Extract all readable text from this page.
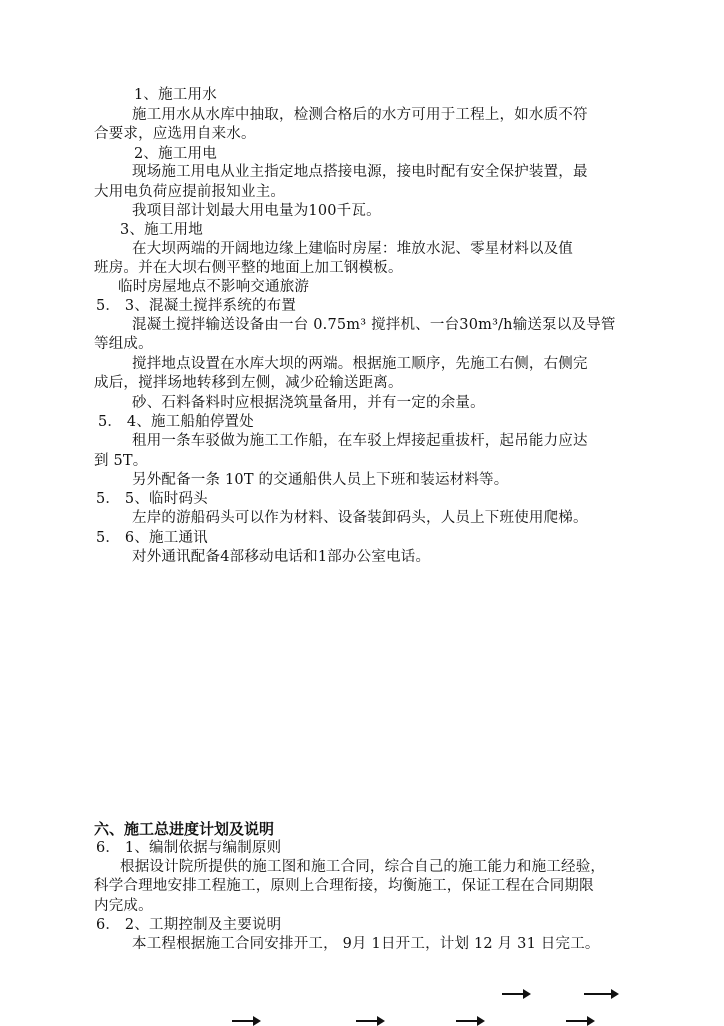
1、施工用水
施工用水从水库中抽取，检测合格后的水方可用于工程上，如水质不符
合要求，应选用自来水。
2、施工用电
现场施工用电从业主指定地点搭接电源，接电时配有安全保护装置，最
大用电负荷应提前报知业主。
我项目部计划最大用电量为100千瓦。
3、施工用地
在大坝两端的开阔地边缘上建临时房屋：堆放水泥、零星材料以及值
班房。并在大坝右侧平整的地面上加工钢模板。
临时房屋地点不影响交通旅游
5． 3、混凝土搅拌系统的布置
混凝土搅拌输送设备由一台 0.75m³ 搅拌机、一台30m³/h输送泵以及导管
等组成。
搅拌地点设置在水库大坝的两端。根据施工顺序，先施工右侧，右侧完
成后，搅拌场地转移到左侧，减少砼输送距离。
砂、石料备料时应根据浇筑量备用，并有一定的余量。
5． 4、施工船舶停置处
租用一条车驳做为施工工作船，在车驳上焊接起重拔杆，起吊能力应达
到 5T。
另外配备一条 10T 的交通船供人员上下班和装运材料等。
5． 5、临时码头
左岸的游船码头可以作为材料、设备装卸码头，人员上下班使用爬梯。
5． 6、施工通讯
对外通讯配备4部移动电话和1部办公室电话。
六、施工总进度计划及说明
6． 1、编制依据与编制原则
根据设计院所提供的施工图和施工合同，综合自己的施工能力和施工经验，
科学合理地安排工程施工，原则上合理衔接，均衡施工，保证工程在合同期限
内完成。
6． 2、工期控制及主要说明
本工程根据施工合同安排开工， 9月 1日开工，计划 12 月 31 日完工。
